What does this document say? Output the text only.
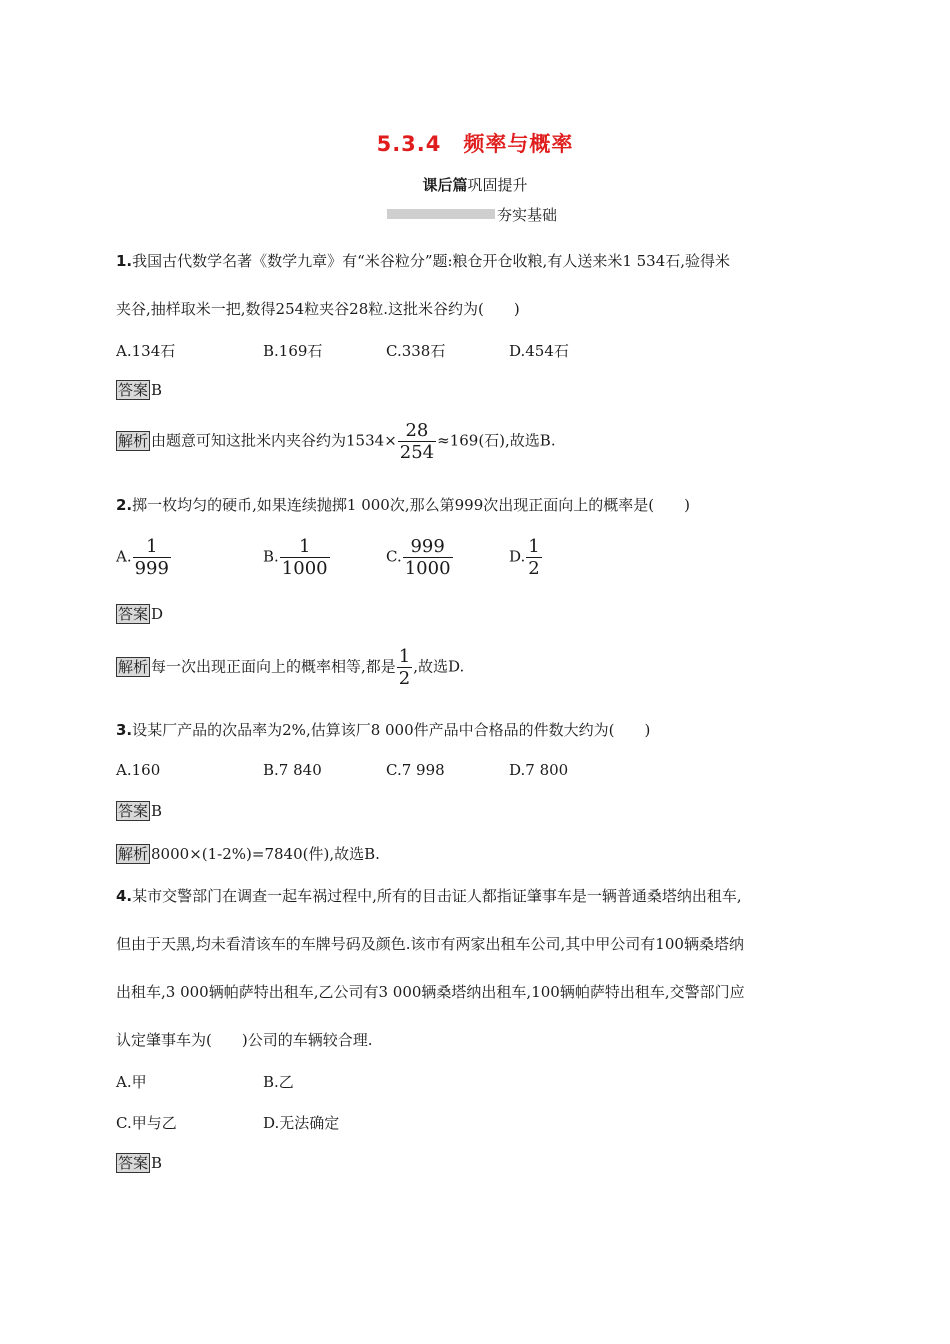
5.3.4 频率与概率
课后篇巩固提升
夯实基础
1.我国古代数学名著《数学九章》有“米谷粒分”题:粮仓开仓收粮,有人送来米1 534石,验得米
夹谷,抽样取米一把,数得254粒夹谷28粒.这批米谷约为(　　)
A.134石	B.169石	C.338石	D.454石
答案 B
解析 由题意可知这批米内夹谷约为$1534\times \frac{28}{254} \approx 169$(石),故选B.
2.掷一枚均匀的硬币,如果连续抛掷1 000次,那么第999次出现正面向上的概率是(　　)
A. $\frac{1}{999}$	B. $\frac{1}{1000}$	C. $\frac{999}{1000}$	D. $\frac{1}{2}$
答案 D
解析 每一次出现正面向上的概率相等,都是 $\frac{1}{2}$ ,故选D.
3.设某厂产品的次品率为2%,估算该厂8 000件产品中合格品的件数大约为(　　)
A.160	B.7 840	C.7 998	D.7 800
答案 B
解析 8000×(1-2%)=7840(件),故选B.
4.某市交警部门在调查一起车祸过程中,所有的目击证人都指证肇事车是一辆普通桑塔纳出租车,
但由于天黑,均未看清该车的车牌号码及颜色.该市有两家出租车公司,其中甲公司有100辆桑塔纳
出租车,3 000辆帕萨特出租车,乙公司有3 000辆桑塔纳出租车,100辆帕萨特出租车,交警部门应
认定肇事车为(　　)公司的车辆较合理.
A.甲	B.乙
C.甲与乙	D.无法确定
答案 B
